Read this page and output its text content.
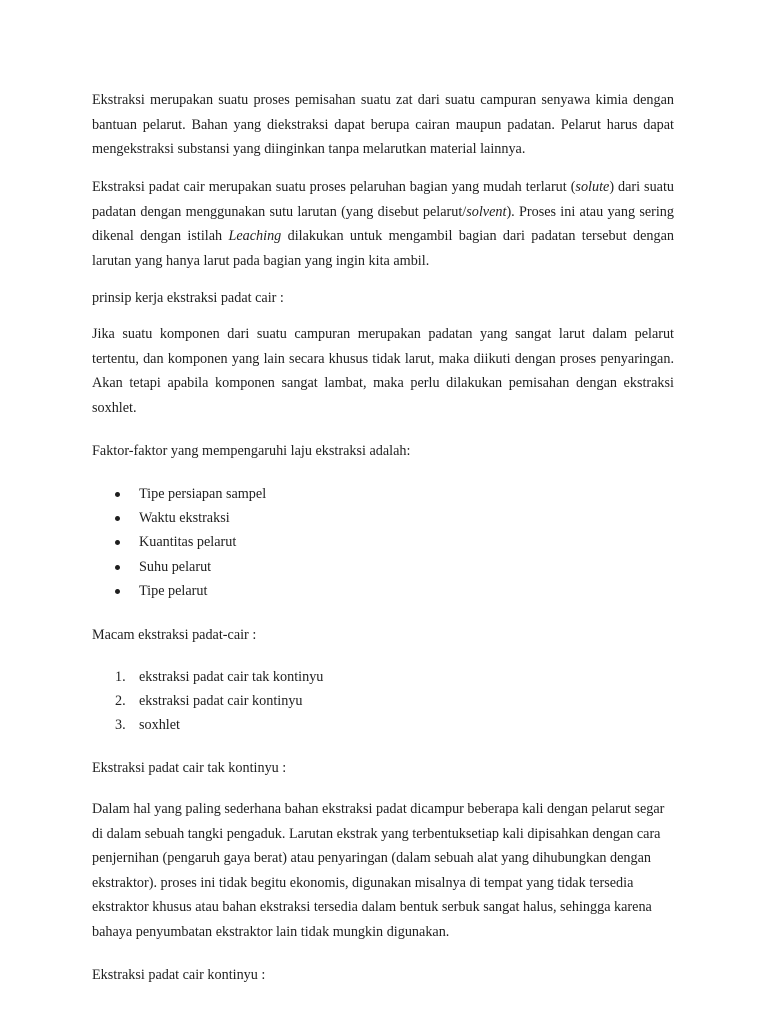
Ekstraksi merupakan suatu proses pemisahan suatu zat dari suatu campuran senyawa kimia dengan bantuan pelarut. Bahan yang diekstraksi dapat berupa cairan maupun padatan. Pelarut harus dapat mengekstraksi substansi yang diinginkan tanpa melarutkan material lainnya.

Ekstraksi padat cair merupakan suatu proses pelaruhan bagian yang mudah terlarut (solute) dari suatu padatan dengan menggunakan sutu larutan (yang disebut pelarut/solvent). Proses ini atau yang sering dikenal dengan istilah Leaching dilakukan untuk mengambil bagian dari padatan tersebut dengan larutan yang hanya larut pada bagian yang ingin kita ambil.

prinsip kerja ekstraksi padat cair :

Jika suatu komponen dari suatu campuran merupakan padatan yang sangat larut dalam pelarut tertentu, dan komponen yang lain secara khusus tidak larut, maka diikuti dengan proses penyaringan. Akan tetapi apabila komponen sangat lambat, maka perlu dilakukan pemisahan dengan ekstraksi soxhlet.

Faktor-faktor yang mempengaruhi laju ekstraksi adalah:

Tipe persiapan sampel
Waktu ekstraksi
Kuantitas pelarut
Suhu pelarut
Tipe pelarut

Macam ekstraksi padat-cair :

1. ekstraksi padat cair tak kontinyu
2. ekstraksi padat cair kontinyu
3. soxhlet

Ekstraksi padat cair tak kontinyu :

Dalam hal yang paling sederhana bahan ekstraksi padat dicampur beberapa kali dengan pelarut segar di dalam sebuah tangki pengaduk. Larutan ekstrak yang terbentuksetiap kali dipisahkan dengan cara penjernihan (pengaruh gaya berat) atau penyaringan (dalam sebuah alat yang dihubungkan dengan ekstraktor). proses ini tidak begitu ekonomis, digunakan misalnya di tempat yang tidak tersedia ekstraktor khusus atau bahan ekstraksi tersedia dalam bentuk serbuk sangat halus, sehingga karena bahaya penyumbatan ekstraktor lain tidak mungkin digunakan.

Ekstraksi padat cair kontinyu :
